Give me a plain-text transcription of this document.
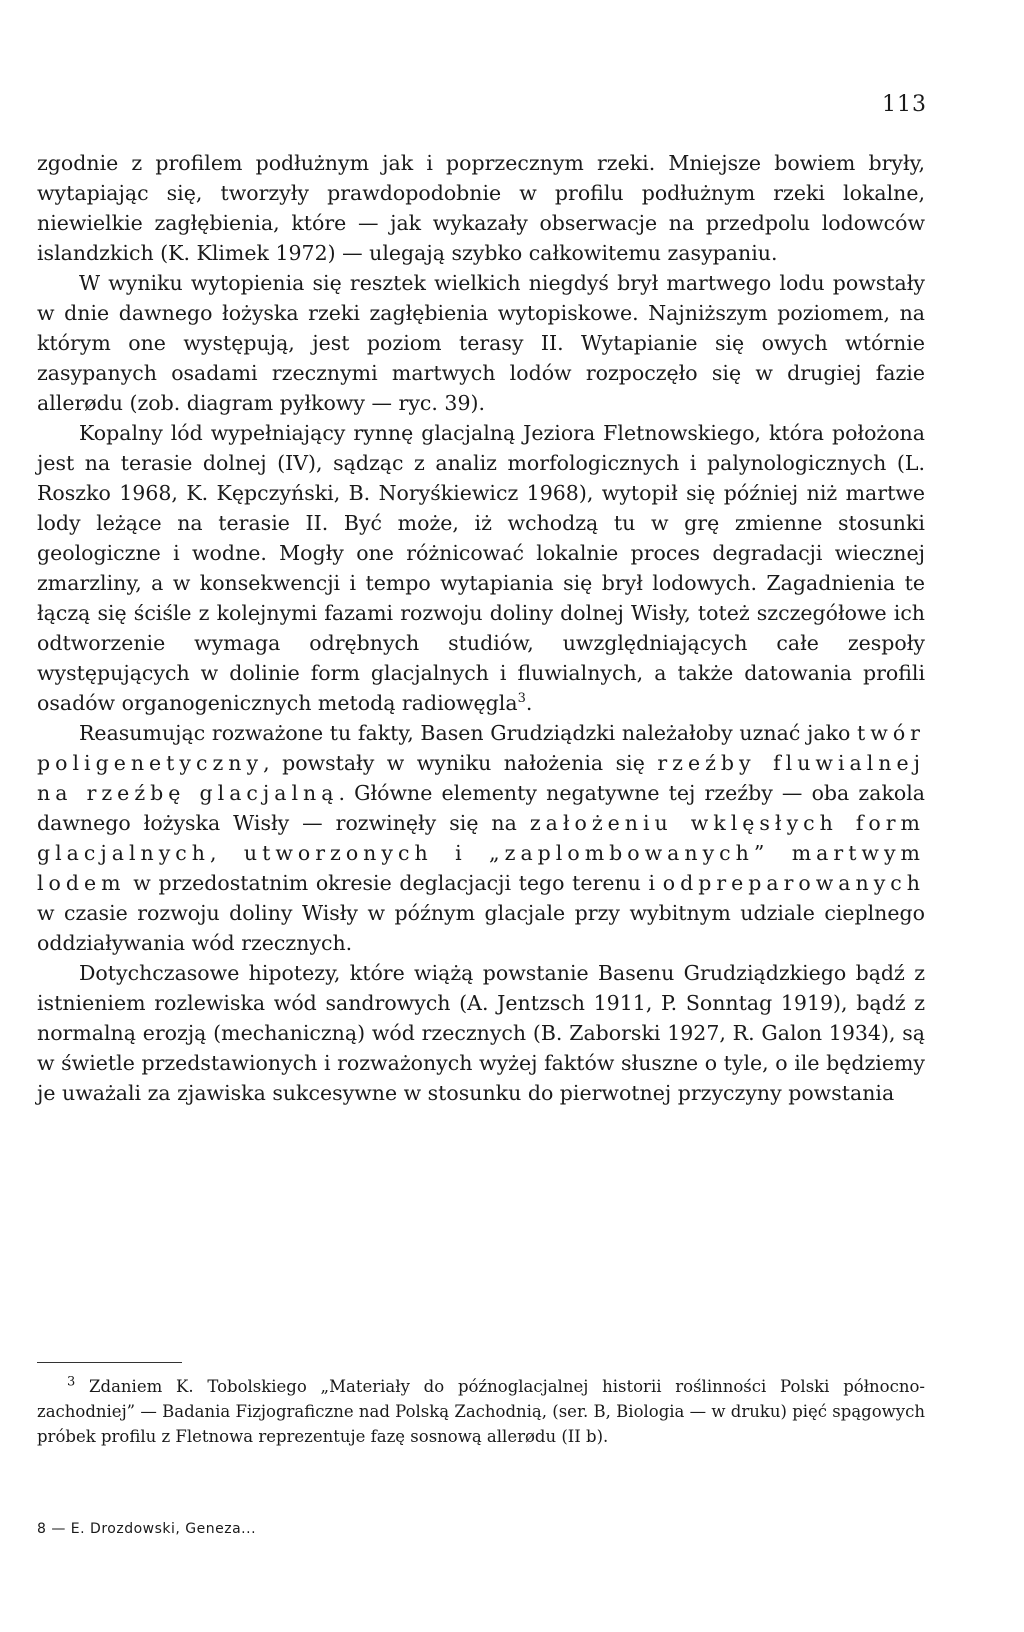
113

zgodnie z profilem podłużnym jak i poprzecznym rzeki. Mniejsze bowiem bryły, wytapiając się, tworzyły prawdopodobnie w profilu podłużnym rzeki lokalne, niewielkie zagłębienia, które — jak wykazały obserwacje na przedpolu lodowców islandzkich (K. Klimek 1972) — ulegają szybko całkowitemu zasypaniu.

W wyniku wytopienia się resztek wielkich niegdyś brył martwego lodu powstały w dnie dawnego łożyska rzeki zagłębienia wytopiskowe. Najniższym poziomem, na którym one występują, jest poziom terasy II. Wytapianie się owych wtórnie zasypanych osadami rzecznymi martwych lodów rozpoczęło się w drugiej fazie allerødu (zob. diagram pyłkowy — ryc. 39).

Kopalny lód wypełniający rynnę glacjalną Jeziora Fletnowskiego, która położona jest na terasie dolnej (IV), sądząc z analiz morfologicznych i palynologicznych (L. Roszko 1968, K. Kępczyński, B. Noryśkiewicz 1968), wytopił się później niż martwe lody leżące na terasie II. Być może, iż wchodzą tu w grę zmienne stosunki geologiczne i wodne. Mogły one różnicować lokalnie proces degradacji wiecznej zmarzliny, a w konsekwencji i tempo wytapiania się brył lodowych. Zagadnienia te łączą się ściśle z kolejnymi fazami rozwoju doliny dolnej Wisły, toteż szczegółowe ich odtworzenie wymaga odrębnych studiów, uwzględniających całe zespoły występujących w dolinie form glacjalnych i fluwialnych, a także datowania profili osadów organogenicznych metodą radiowęgla$^3$.

Reasumując rozważone tu fakty, Basen Grudziądzki należałoby uznać jako twór poligenetyczny, powstały w wyniku nałożenia się rzeźby fluwialnej na rzeźbę glacjalną. Główne elementy negatywne tej rzeźby — oba zakola dawnego łożyska Wisły — rozwinęły się na założeniu wklęsłych form glacjalnych, utworzonych i „zaplombowanych” martwym lodem w przedostatnim okresie deglacjacji tego terenu i odpreparowanych w czasie rozwoju doliny Wisły w późnym glacjale przy wybitnym udziale cieplnego oddziaływania wód rzecznych.

Dotychczasowe hipotezy, które wiążą powstanie Basenu Grudziądzkiego bądź z istnieniem rozlewiska wód sandrowych (A. Jentzsch 1911, P. Sonntag 1919), bądź z normalną erozją (mechaniczną) wód rzecznych (B. Zaborski 1927, R. Galon 1934), są w świetle przedstawionych i rozważonych wyżej faktów słuszne o tyle, o ile będziemy je uważali za zjawiska sukcesywne w stosunku do pierwotnej przyczyny powstania

$^3$ Zdaniem K. Tobolskiego „Materiały do późnoglacjalnej historii roślinności Polski północno-zachodniej” — Badania Fizjograficzne nad Polską Zachodnią, (ser. B, Biologia — w druku) pięć spągowych próbek profilu z Fletnowa reprezentuje fazę sosnową allerødu (II b).

8 — E. Drozdowski, Geneza...
